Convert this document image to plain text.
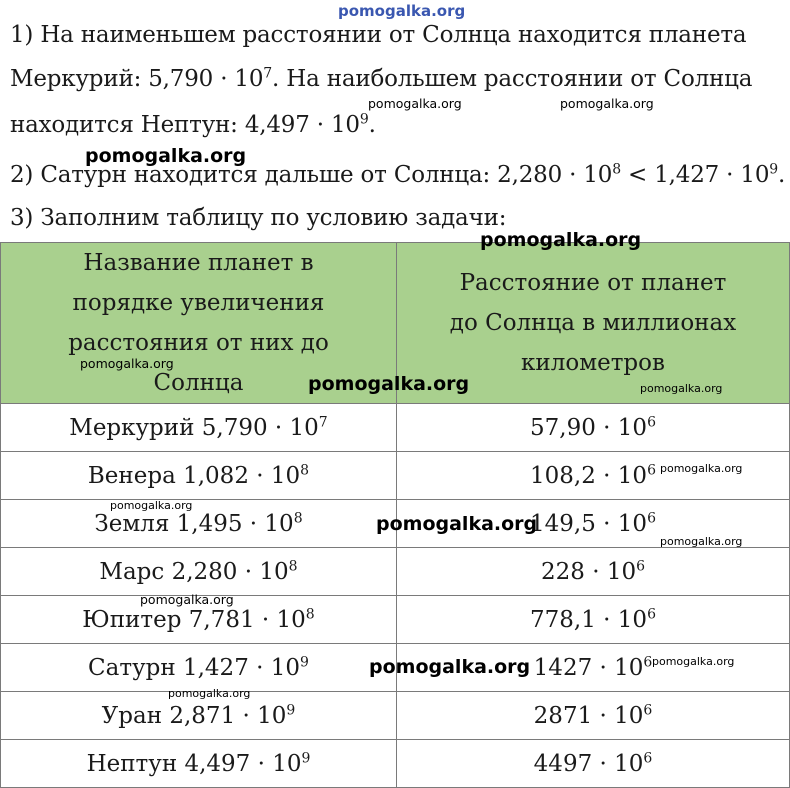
pomogalka.org
1) На наименьшем расстоянии от Солнца находится планета
Меркурий: $5,790 \cdot 10^7$. На наибольшем расстоянии от Солнца
находится Нептун: $4,497 \cdot 10^9$.
2) Сатурн находится дальше от Солнца: $2,280 \cdot 10^8 < 1,427 \cdot 10^9$.
3) Заполним таблицу по условию задачи:
Название планет в порядке увеличения расстояния от них до Солнца	Расстояние от планет до Солнца в миллионах километров

Меркурий $5,790 \cdot 10^7$	$57,90 \cdot 10^6$
Венера $1,082 \cdot 10^8$	$108,2 \cdot 10^6$
Земля $1,495 \cdot 10^8$	$149,5 \cdot 10^6$
Марс $2,280 \cdot 10^8$	$228 \cdot 10^6$
Юпитер $7,781 \cdot 10^8$	$778,1 \cdot 10^6$
Сатурн $1,427 \cdot 10^9$	$1427 \cdot 10^6$
Уран $2,871 \cdot 10^9$	$2871 \cdot 10^6$
Нептун $4,497 \cdot 10^9$	$4497 \cdot 10^6$
pomogalka.org
pomogalka.org	pomogalka.org
pomogalka.org
pomogalka.org
pomogalka.org	pomogalka.org
pomogalka.org
pomogalka.org
pomogalka.org
pomogalka.org
pomogalka.org
pomogalka.org	pomogalka.org
pomogalka.org
